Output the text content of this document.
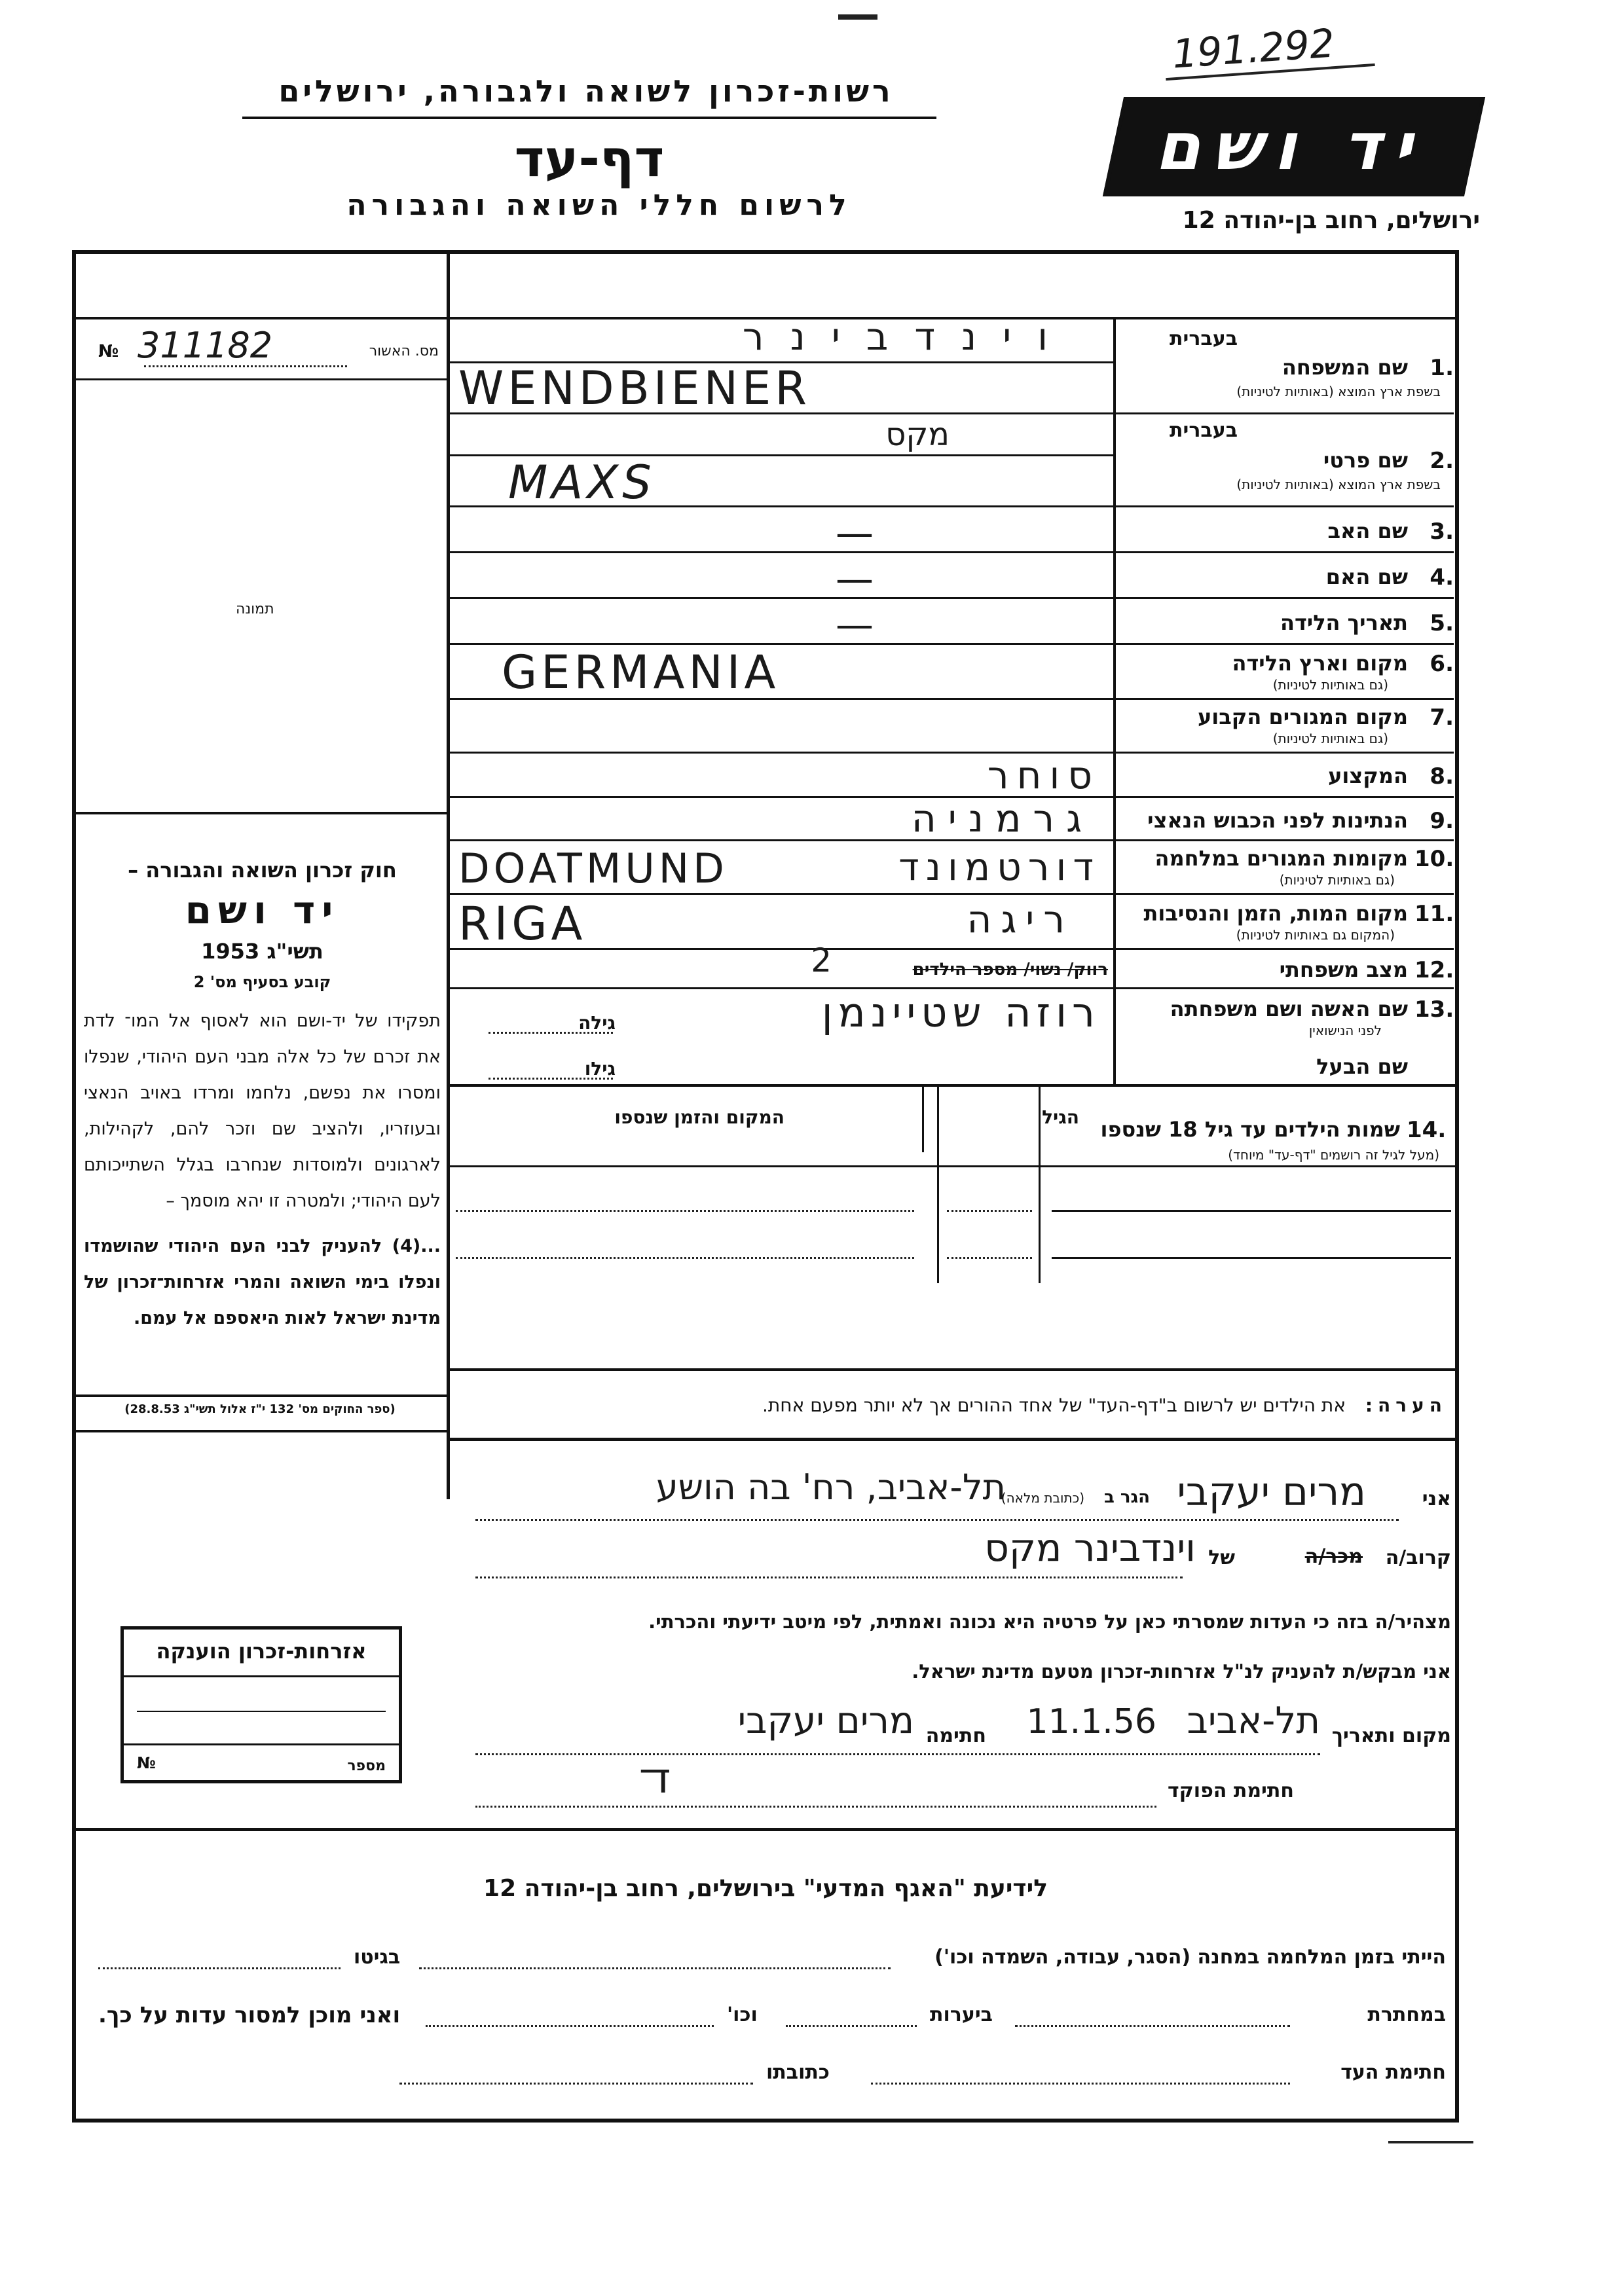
191.292
רשות-זכרון לשואה ולגבורה, ירושלים
דף-עד
לרשום חללי השואה והגבורה
יד ושם
ירושלים, רחוב בן-יהודה 12
מס. האשור
311182
№
תמונה
חוק זכרון השואה והגבורה –
יד ושם
תשי"ג 1953
קובע בסעיף מס' 2
תפקידו של יד-ושם הוא לאסוף אל המו־ לדת את זכרם של כל אלה מבני העם היהודי, שנפלו ומסרו את נפשם, נלחמו ומרדו באויב הנאצי ובעוזריו, ולהציב שם וזכר להם, לקהילות, לארגונים ולמוסדות שנחרבו בגלל השתייכותם לעם היהודי; ולמטרה זו יהא מוסמך –
...(4) להעניק לבני העם היהודי שהושמדו ונפלו בימי השואה והמרי אזרחות־זכרון של מדינת ישראל לאות היאספם אל עמם.
(ספר החוקים מס' 132 י"ז אלול תשי"ג 28.8.53)
בעברית
1.
שם המשפחה
בשפת ארץ המוצא (באותיות לטיניות)
בעברית
2.
שם פרטי
בשפת ארץ המוצא (באותיות לטיניות)
3.
שם האב
4.
שם האם
5.
תאריך הלידה
6.
מקום וארץ הלידה
(גם באותיות לטיניות)
7.
מקום המגורים הקבוע
(גם באותיות לטיניות)
8.
המקצוע
9.
הנתינות לפני הכבוש הנאצי
10.
מקומות המגורים במלחמה
(גם באותיות לטיניות)
11.
מקום המות, הזמן והנסיבות
(המקום גם באותיות לטיניות)
12.
מצב משפחתי
13.
שם האשה ושם משפחתה
לפני הנישואין
שם הבעל
וינדבינר
WENDBIENER
מקס
MAXS
—
—
—
GERMANIA
סוחר
גרמניה
DOATMUND	דורטמונד
RIGA	ריגה
רווק/ נשוי/ מספר הילדים
2
רוזה שטיינמן
גילה
גילו
14.
שמות הילדים עד גיל 18 שנספו
(מעל לגיל זה רושמים "דף-עד" מיוחד)
הגיל
המקום והזמן שנספו
הערה: את הילדים יש לרשום ב"דף-העד" של אחד ההורים אך לא יותר מפעם אחת.
אני
מרים יעקבי
הגר ב
(כתובת מלאה)
תל-אביב, רח' בה הושע
קרוב/ה
מכר/ה
של
וינדבינר מקס
מצהיר/ה בזה כי העדות שמסרתי כאן על פרטיה היא נכונה ואמתית, לפי מיטב ידיעתי והכרתי.
אני מבקש/ת להעניק לנ"ל אזרחות-זכרון מטעם מדינת ישראל.
מקום ותאריך
תל-אביב
11.1.56
חתימה
מרים יעקבי
חתימת הפוקד
ﬢ
אזרחות-זכרון הוענקה
מספר
№
לידיעת "האגף המדעי" בירושלים, רחוב בן-יהודה 12
הייתי בזמן המלחמה במחנה (הסגר, עבודה, השמדה וכו')
בגיטו
במחתרת
ביערות
וכו'
ואני מוכן למסור עדות על כך.
חתימת העד
כתובתו
